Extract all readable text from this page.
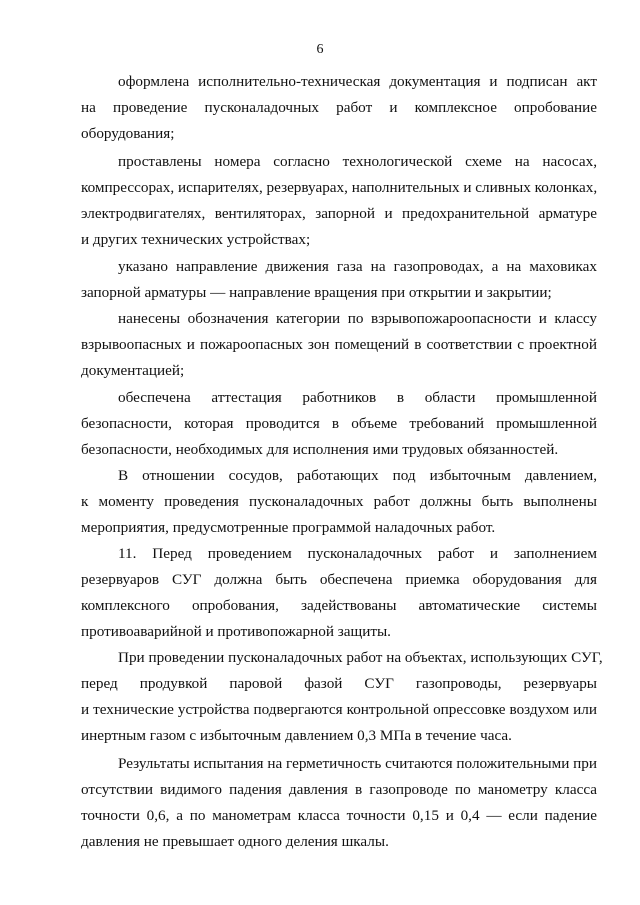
6
оформлена исполнительно-техническая документация и подписан акт
на проведение пусконаладочных работ и комплексное опробование
оборудования;
проставлены номера согласно технологической схеме на насосах,
компрессорах, испарителях, резервуарах, наполнительных и сливных колонках,
электродвигателях, вентиляторах, запорной и предохранительной арматуре
и других технических устройствах;
указано направление движения газа на газопроводах, а на маховиках
запорной арматуры — направление вращения при открытии и закрытии;
нанесены обозначения категории по взрывопожароопасности и классу
взрывоопасных и пожароопасных зон помещений в соответствии с проектной
документацией;
обеспечена аттестация работников в области промышленной
безопасности, которая проводится в объеме требований промышленной
безопасности, необходимых для исполнения ими трудовых обязанностей.
В отношении сосудов, работающих под избыточным давлением,
к моменту проведения пусконаладочных работ должны быть выполнены
мероприятия, предусмотренные программой наладочных работ.
11. Перед проведением пусконаладочных работ и заполнением
резервуаров СУГ должна быть обеспечена приемка оборудования для
комплексного опробования, задействованы автоматические системы
противоаварийной и противопожарной защиты.
При проведении пусконаладочных работ на объектах, использующих СУГ,
перед продувкой паровой фазой СУГ газопроводы, резервуары
и технические устройства подвергаются контрольной опрессовке воздухом или
инертным газом с избыточным давлением 0,3 МПа в течение часа.
Результаты испытания на герметичность считаются положительными при
отсутствии видимого падения давления в газопроводе по манометру класса
точности 0,6, а по манометрам класса точности 0,15 и 0,4 — если падение
давления не превышает одного деления шкалы.
